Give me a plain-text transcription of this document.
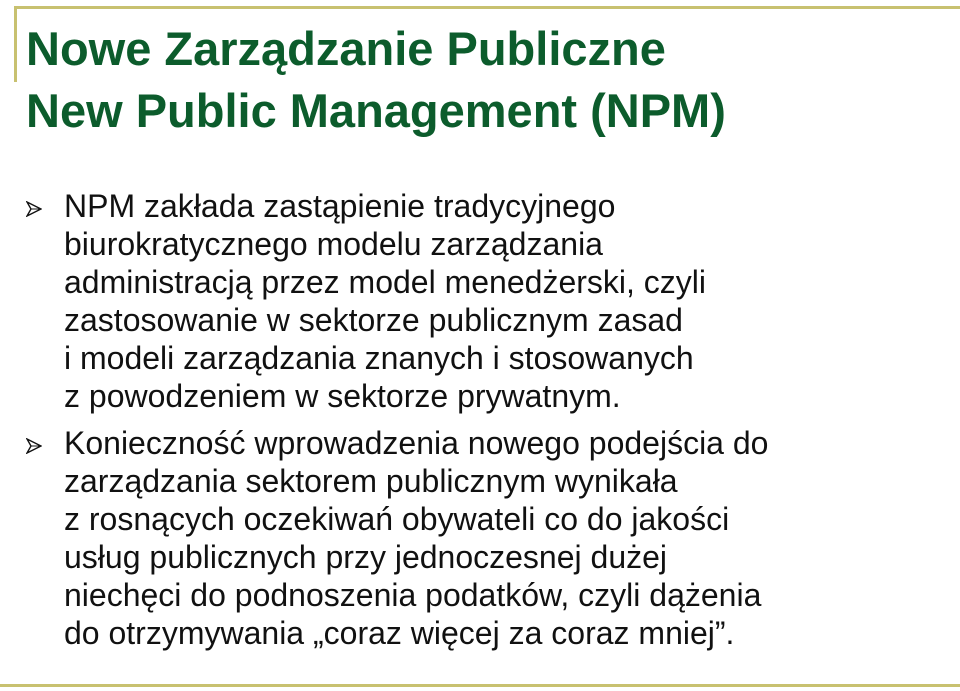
Nowe Zarządzanie Publiczne
New Public Management (NPM)
NPM zakłada zastąpienie tradycyjnego
biurokratycznego modelu zarządzania
administracją przez model menedżerski, czyli
zastosowanie w sektorze publicznym zasad
i modeli zarządzania znanych i stosowanych
z powodzeniem w sektorze prywatnym.
Konieczność wprowadzenia nowego podejścia do
zarządzania sektorem publicznym wynikała
z rosnących oczekiwań obywateli co do jakości
usług publicznych przy jednoczesnej dużej
niechęci do podnoszenia podatków, czyli dążenia
do otrzymywania „coraz więcej za coraz mniej”.
